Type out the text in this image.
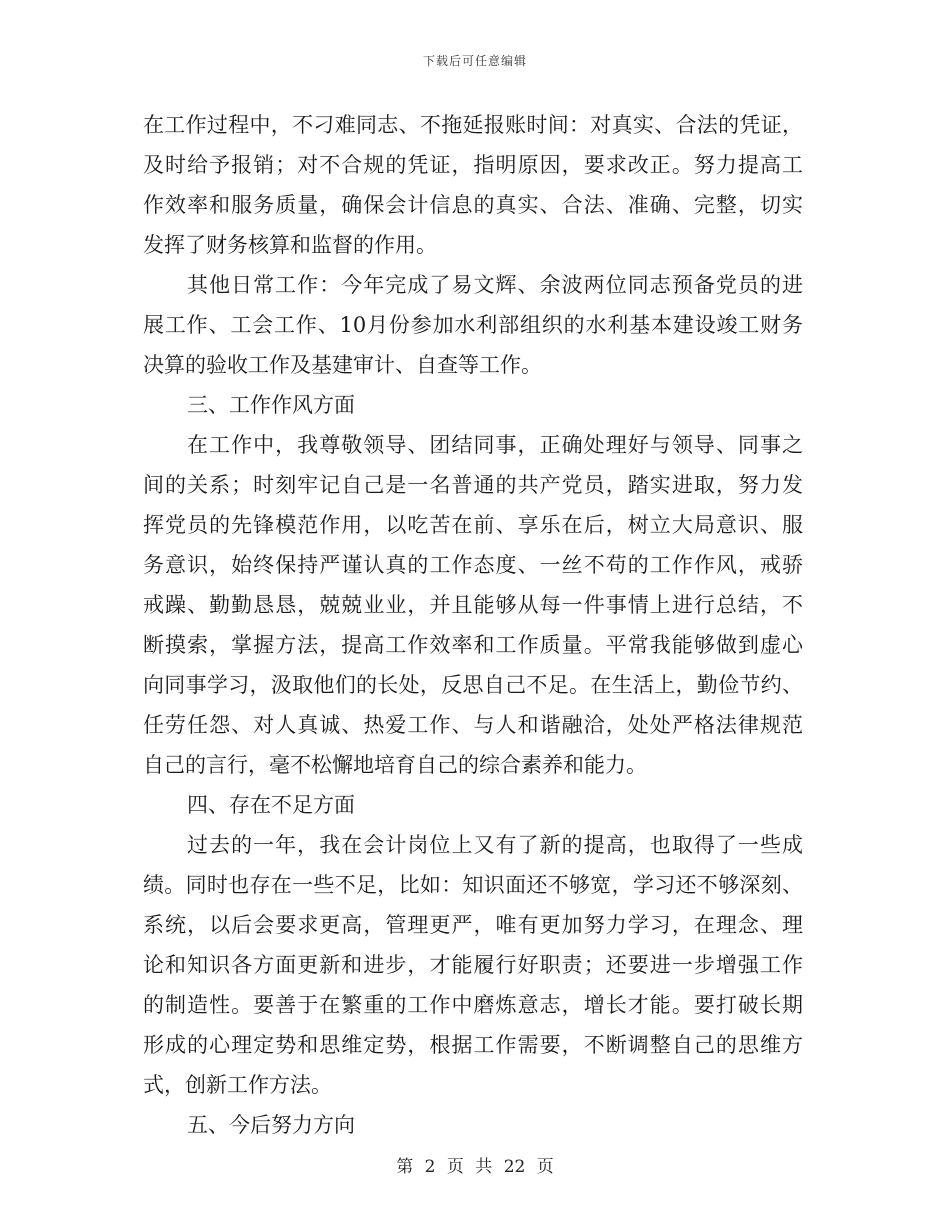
下载后可任意编辑
在工作过程中，不刁难同志、不拖延报账时间：对真实、合法的凭证，
及时给予报销；对不合规的凭证，指明原因，要求改正。努力提高工
作效率和服务质量，确保会计信息的真实、合法、准确、完整，切实
发挥了财务核算和监督的作用。
其他日常工作：今年完成了易文辉、余波两位同志预备党员的进
展工作、工会工作、10月份参加水利部组织的水利基本建设竣工财务
决算的验收工作及基建审计、自查等工作。
三、工作作风方面
在工作中，我尊敬领导、团结同事，正确处理好与领导、同事之
间的关系；时刻牢记自己是一名普通的共产党员，踏实进取，努力发
挥党员的先锋模范作用，以吃苦在前、享乐在后，树立大局意识、服
务意识，始终保持严谨认真的工作态度、一丝不苟的工作作风，戒骄
戒躁、勤勤恳恳，兢兢业业，并且能够从每一件事情上进行总结，不
断摸索，掌握方法，提高工作效率和工作质量。平常我能够做到虚心
向同事学习，汲取他们的长处，反思自己不足。在生活上，勤俭节约、
任劳任怨、对人真诚、热爱工作、与人和谐融洽，处处严格法律规范
自己的言行，毫不松懈地培育自己的综合素养和能力。
四、存在不足方面
过去的一年，我在会计岗位上又有了新的提高，也取得了一些成
绩。同时也存在一些不足，比如：知识面还不够宽，学习还不够深刻、
系统，以后会要求更高，管理更严，唯有更加努力学习，在理念、理
论和知识各方面更新和进步，才能履行好职责；还要进一步增强工作
的制造性。要善于在繁重的工作中磨炼意志，增长才能。要打破长期
形成的心理定势和思维定势，根据工作需要，不断调整自己的思维方
式，创新工作方法。
五、今后努力方向
第 2 页 共 22 页
